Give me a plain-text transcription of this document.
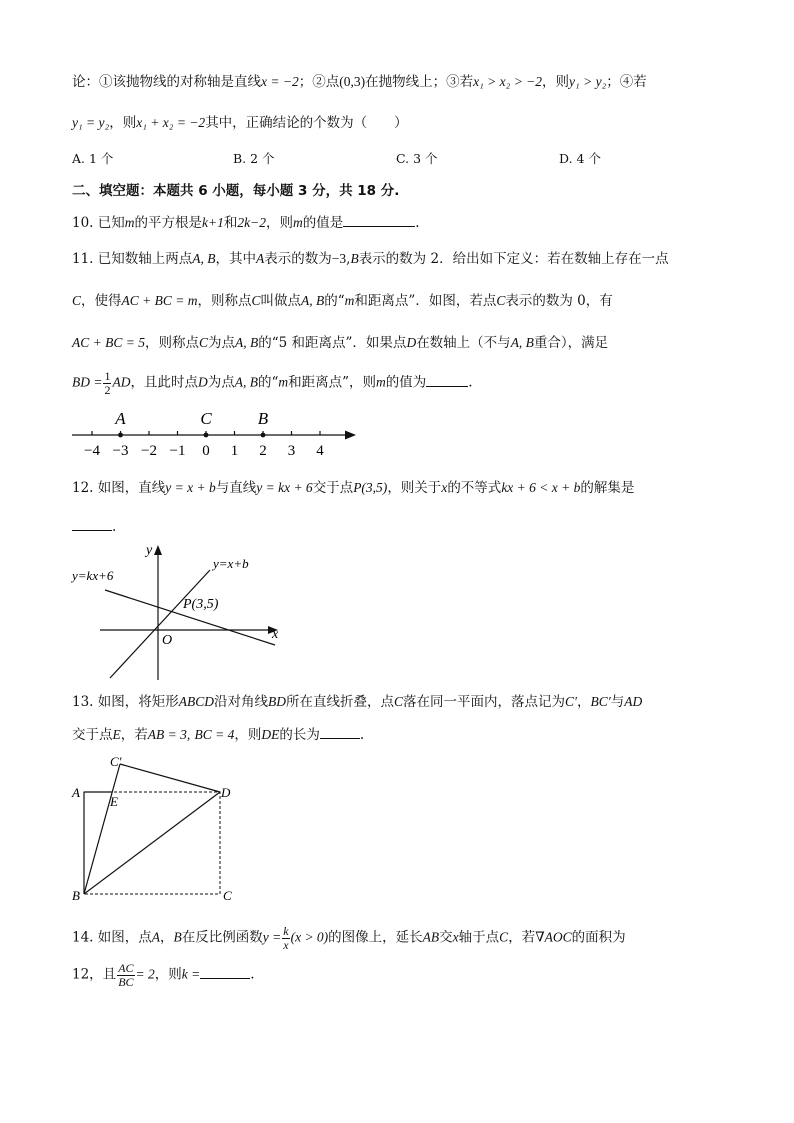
论：①该抛物线的对称轴是直线x = −2；②点(0,3)在抛物线上；③若x₁ > x₂ > −2，则y₁ > y₂；④若
y₁ = y₂，则x₁ + x₂ = −2其中，正确结论的个数为（　　）
A. 1 个	B. 2 个	C. 3 个	D. 4 个
二、填空题：本题共 6 小题，每小题 3 分，共 18 分.
10. 已知m的平方根是k+1和2k−2，则m的值是	.
11. 已知数轴上两点A, B，其中A表示的数为−3,B表示的数为 2．给出如下定义：若在数轴上存在一点
C，使得AC + BC = m，则称点C叫做点A, B的“m和距离点”．如图，若点C表示的数为 0，有
AC + BC = 5，则称点C为点A, B的“5 和距离点”．如果点D在数轴上（不与A, B重合），满足
BD = $\frac{1}{2}$ AD，且此时点D为点A, B的“m和距离点”，则m的值为	.
−4 −3 −2 −1 0 1 2 3 4
A	C	B
12. 如图，直线y = x + b与直线y = kx + 6交于点P(3,5)，则关于x的不等式kx + 6 < x + b的解集是
.
y
x
O
y=x+b
y=kx+6
P(3,5)
13. 如图，将矩形ABCD沿对角线BD所在直线折叠，点C落在同一平面内，落点记为C′，BC′与AD
交于点E，若AB = 3, BC = 4，则DE的长为	.
C′
A
E
D
B	C
14. 如图，点A，B在反比例函数$y = \frac{k}{x} (x > 0)$的图像上，延长AB交x轴于点C，若∇AOC的面积为
12，且 $\frac{AC}{BC} = 2$，则k =	.
